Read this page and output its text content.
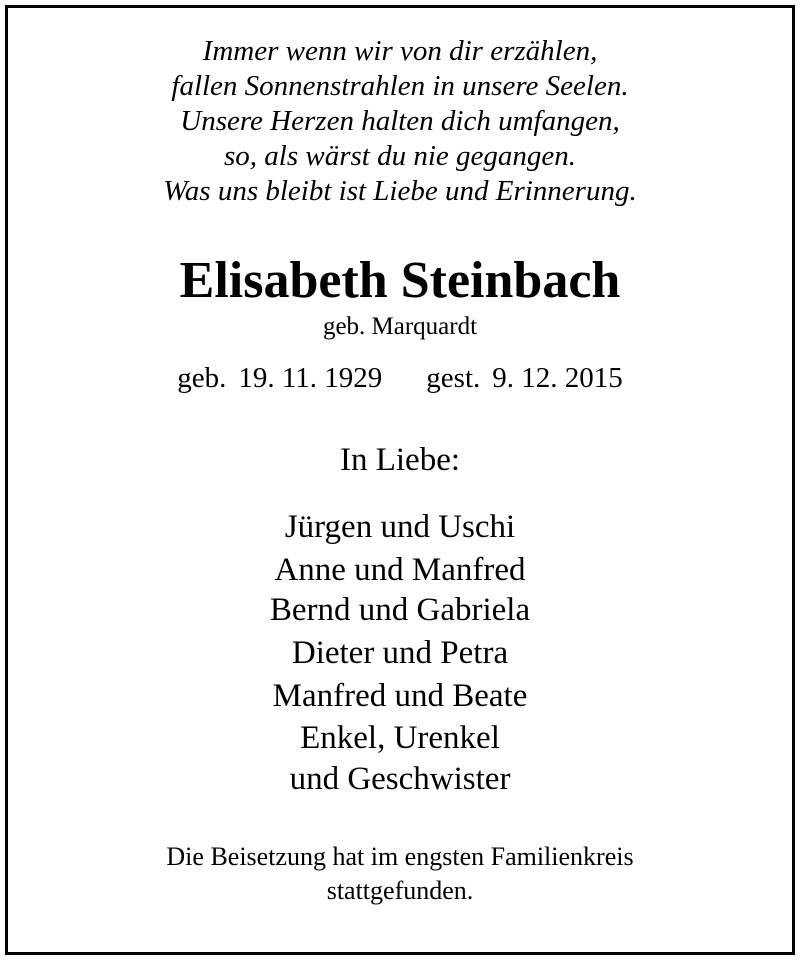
Immer wenn wir von dir erzählen,
fallen Sonnenstrahlen in unsere Seelen.
Unsere Herzen halten dich umfangen,
so, als wärst du nie gegangen.
Was uns bleibt ist Liebe und Erinnerung.
Elisabeth Steinbach
geb. Marquardt
geb. 19. 11. 1929 gest. 9. 12. 2015
In Liebe:
Jürgen und Uschi
Anne und Manfred
Bernd und Gabriela
Dieter und Petra
Manfred und Beate
Enkel, Urenkel
und Geschwister
Die Beisetzung hat im engsten Familienkreis
stattgefunden.
